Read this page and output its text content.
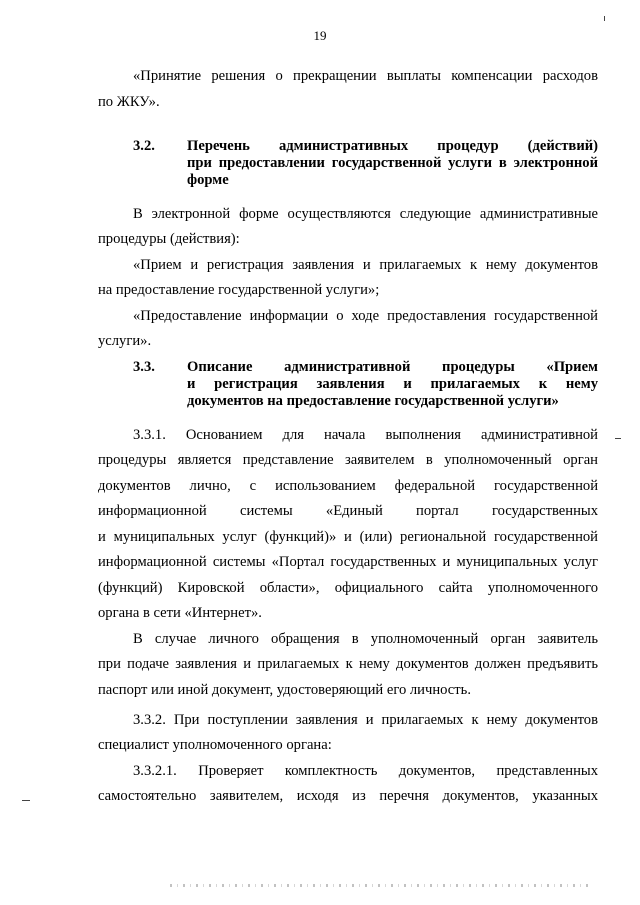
19
«Принятие решения о прекращении выплаты компенсации расходов
по ЖКУ».
3.2. Перечень административных процедур (действий)
при предоставлении государственной услуги в электронной
форме
В электронной форме осуществляются следующие административные
процедуры (действия):
«Прием и регистрация заявления и прилагаемых к нему документов
на предоставление государственной услуги»;
«Предоставление информации о ходе предоставления государственной
услуги».
3.3. Описание административной процедуры «Прием
и регистрация заявления и прилагаемых к нему
документов на предоставление государственной услуги»
3.3.1. Основанием для начала выполнения административной
процедуры является представление заявителем в уполномоченный орган
документов лично, с использованием федеральной государственной
информационной системы «Единый портал государственных
и муниципальных услуг (функций)» и (или) региональной государственной
информационной системы «Портал государственных и муниципальных услуг
(функций) Кировской области», официального сайта уполномоченного
органа в сети «Интернет».
В случае личного обращения в уполномоченный орган заявитель
при подаче заявления и прилагаемых к нему документов должен предъявить
паспорт или иной документ, удостоверяющий его личность.
3.3.2. При поступлении заявления и прилагаемых к нему документов
специалист уполномоченного органа:
3.3.2.1. Проверяет комплектность документов, представленных
самостоятельно заявителем, исходя из перечня документов, указанных
